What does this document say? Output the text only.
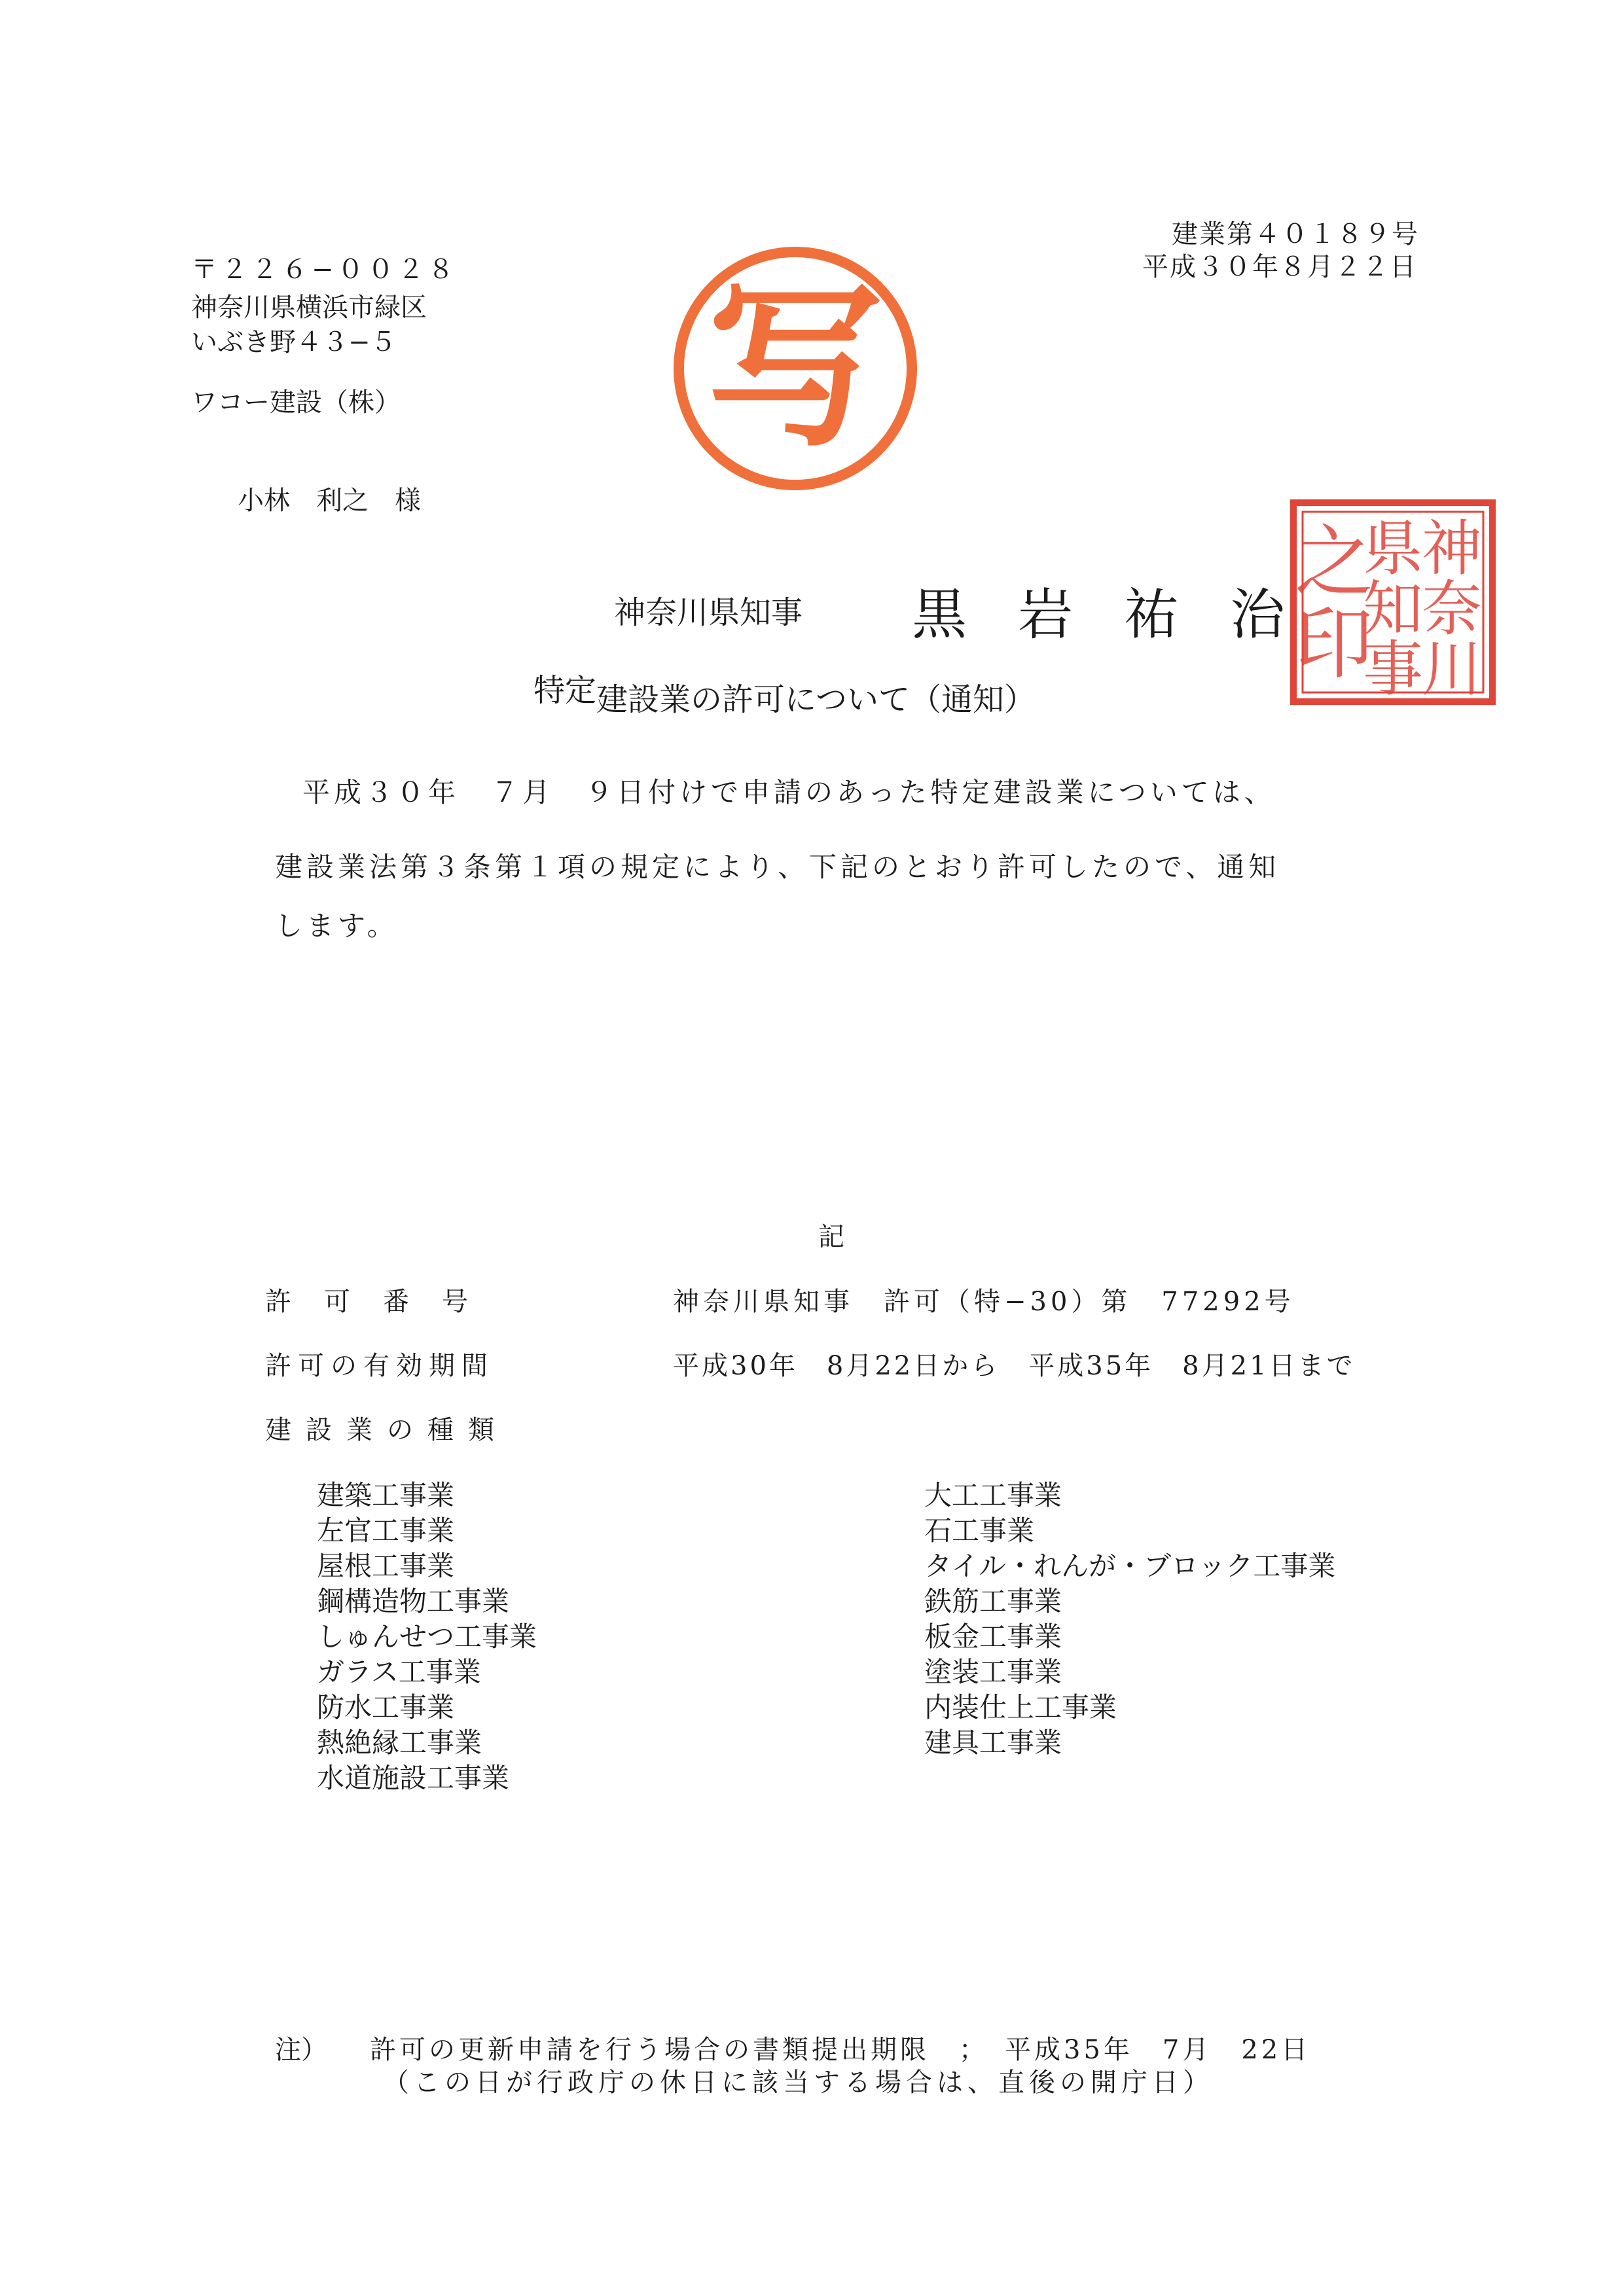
建業第４０１８９号
平成３０年８月２２日
〒２２６−００２８
神奈川県横浜市緑区
いぶき野４３−５
ワコー建設（株）
小林　利之　様
写
神奈川県知事 黒岩祐治
神
奈
川
県
知
事
之
印
特定建設業の許可について（通知）
平成３０年　７月　９日付けで申請のあった特定建設業については、
建設業法第３条第１項の規定により、下記のとおり許可したので、通知
します。
記
許可番号	神奈川県知事　許可（特−30）第　77292号
許可の有効期間	平成30年　8月22日から　平成35年　8月21日まで
建設業の種類
建築工事業
左官工事業
屋根工事業
鋼構造物工事業
しゅんせつ工事業
ガラス工事業
防水工事業
熱絶縁工事業
水道施設工事業
大工工事業
石工事業
タイル・れんが・ブロック工事業
鉄筋工事業
板金工事業
塗装工事業
内装仕上工事業
建具工事業
注） 許可の更新申請を行う場合の書類提出期限　；　平成35年　7月　22日
（この日が行政庁の休日に該当する場合は、直後の開庁日）
